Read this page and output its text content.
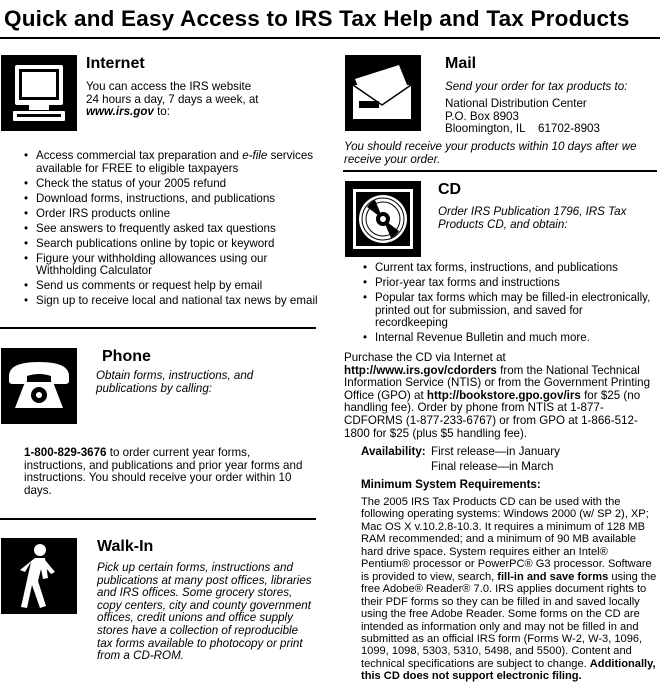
Quick and Easy Access to IRS Tax Help and Tax Products
Internet
You can access the IRS website
24 hours a day, 7 days a week, at
www.irs.gov to:
• Access commercial tax preparation and e-file services available for FREE to eligible taxpayers
• Check the status of your 2005 refund
• Download forms, instructions, and publications
• Order IRS products online
• See answers to frequently asked tax questions
• Search publications online by topic or keyword
• Figure your withholding allowances using our Withholding Calculator
• Send us comments or request help by email
• Sign up to receive local and national tax news by email
Phone
Obtain forms, instructions, and publications by calling:
1-800-829-3676 to order current year forms, instructions, and publications and prior year forms and instructions. You should receive your order within 10 days.
Walk-In
Pick up certain forms, instructions and publications at many post offices, libraries and IRS offices. Some grocery stores, copy centers, city and county government offices, credit unions and office supply stores have a collection of reproducible tax forms available to photocopy or print from a CD-ROM.
Mail
Send your order for tax products to:
National Distribution Center
P.O. Box 8903
Bloomington, IL    61702-8903
You should receive your products within 10 days after we receive your order.
CD
Order IRS Publication 1796, IRS Tax Products CD, and obtain:
• Current tax forms, instructions, and publications
• Prior-year tax forms and instructions
• Popular tax forms which may be filled-in electronically, printed out for submission, and saved for recordkeeping
• Internal Revenue Bulletin and much more.
Purchase the CD via Internet at http://www.irs.gov/cdorders from the National Technical Information Service (NTIS) or from the Government Printing Office (GPO) at http://bookstore.gpo.gov/irs for $25 (no handling fee). Order by phone from NTIS at 1-877-CDFORMS (1-877-233-6767) or from GPO at 1-866-512-1800 for $25 (plus $5 handling fee).
Availability: First release—in January
Final release—in March
Minimum System Requirements:
The 2005 IRS Tax Products CD can be used with the following operating systems: Windows 2000 (w/ SP 2), XP; Mac OS X v.10.2.8-10.3. It requires a minimum of 128 MB RAM recommended; and a minimum of 90 MB available hard drive space. System requires either an Intel® Pentium® processor or PowerPC® G3 processor. Software is provided to view, search, fill-in and save forms using the free Adobe® Reader® 7.0. IRS applies document rights to their PDF forms so they can be filled in and saved locally using the free Adobe Reader. Some forms on the CD are intended as information only and may not be filled in and submitted as an official IRS form (Forms W-2, W-3, 1096, 1099, 1098, 5303, 5310, 5498, and 5500). Content and technical specifications are subject to change. Additionally, this CD does not support electronic filing.
